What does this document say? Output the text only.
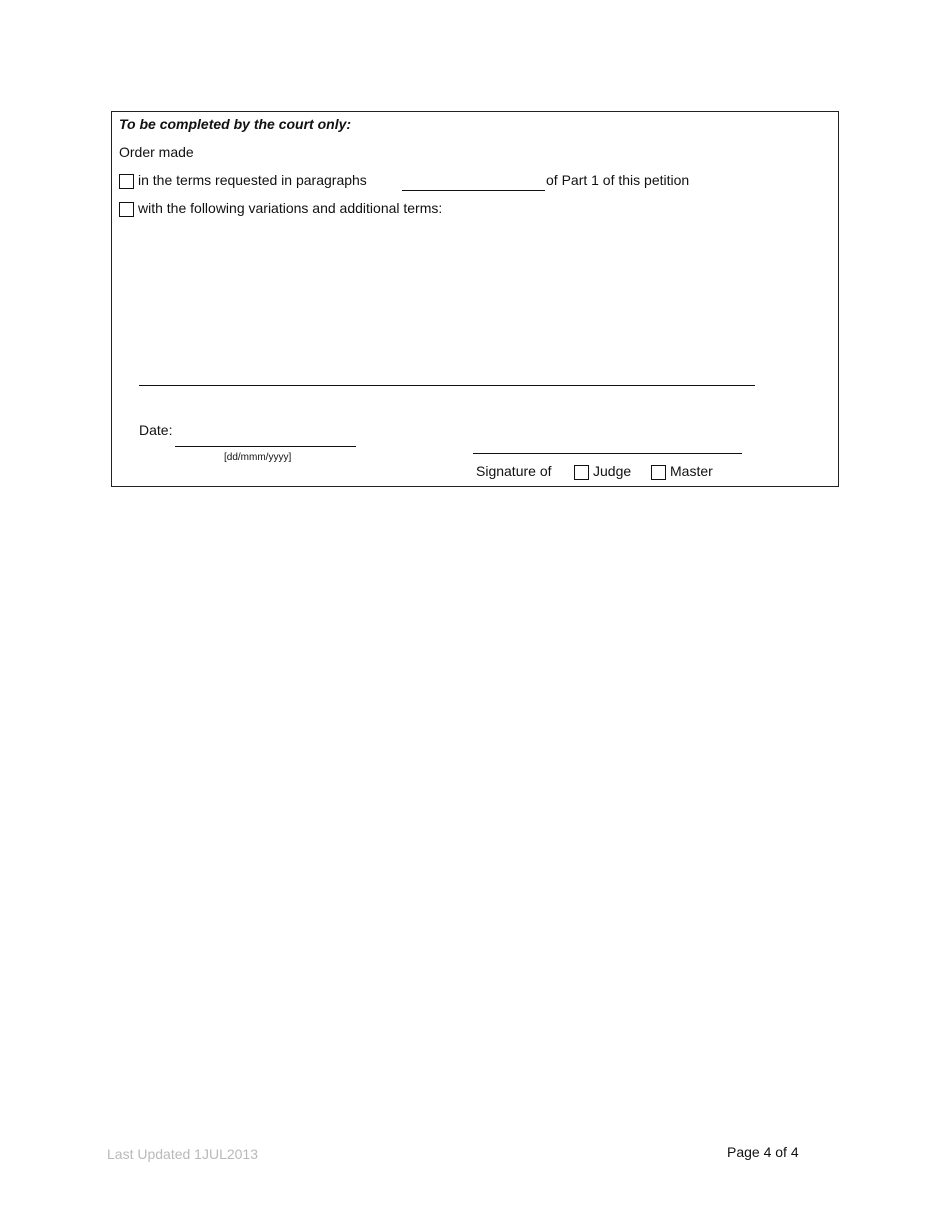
To be completed by the court only:
Order made
in the terms requested in paragraphs	of Part 1 of this petition
with the following variations and additional terms:
Date:
[dd/mmm/yyyy]
Signature of	Judge	Master
Last Updated 1JUL2013	Page 4 of 4
